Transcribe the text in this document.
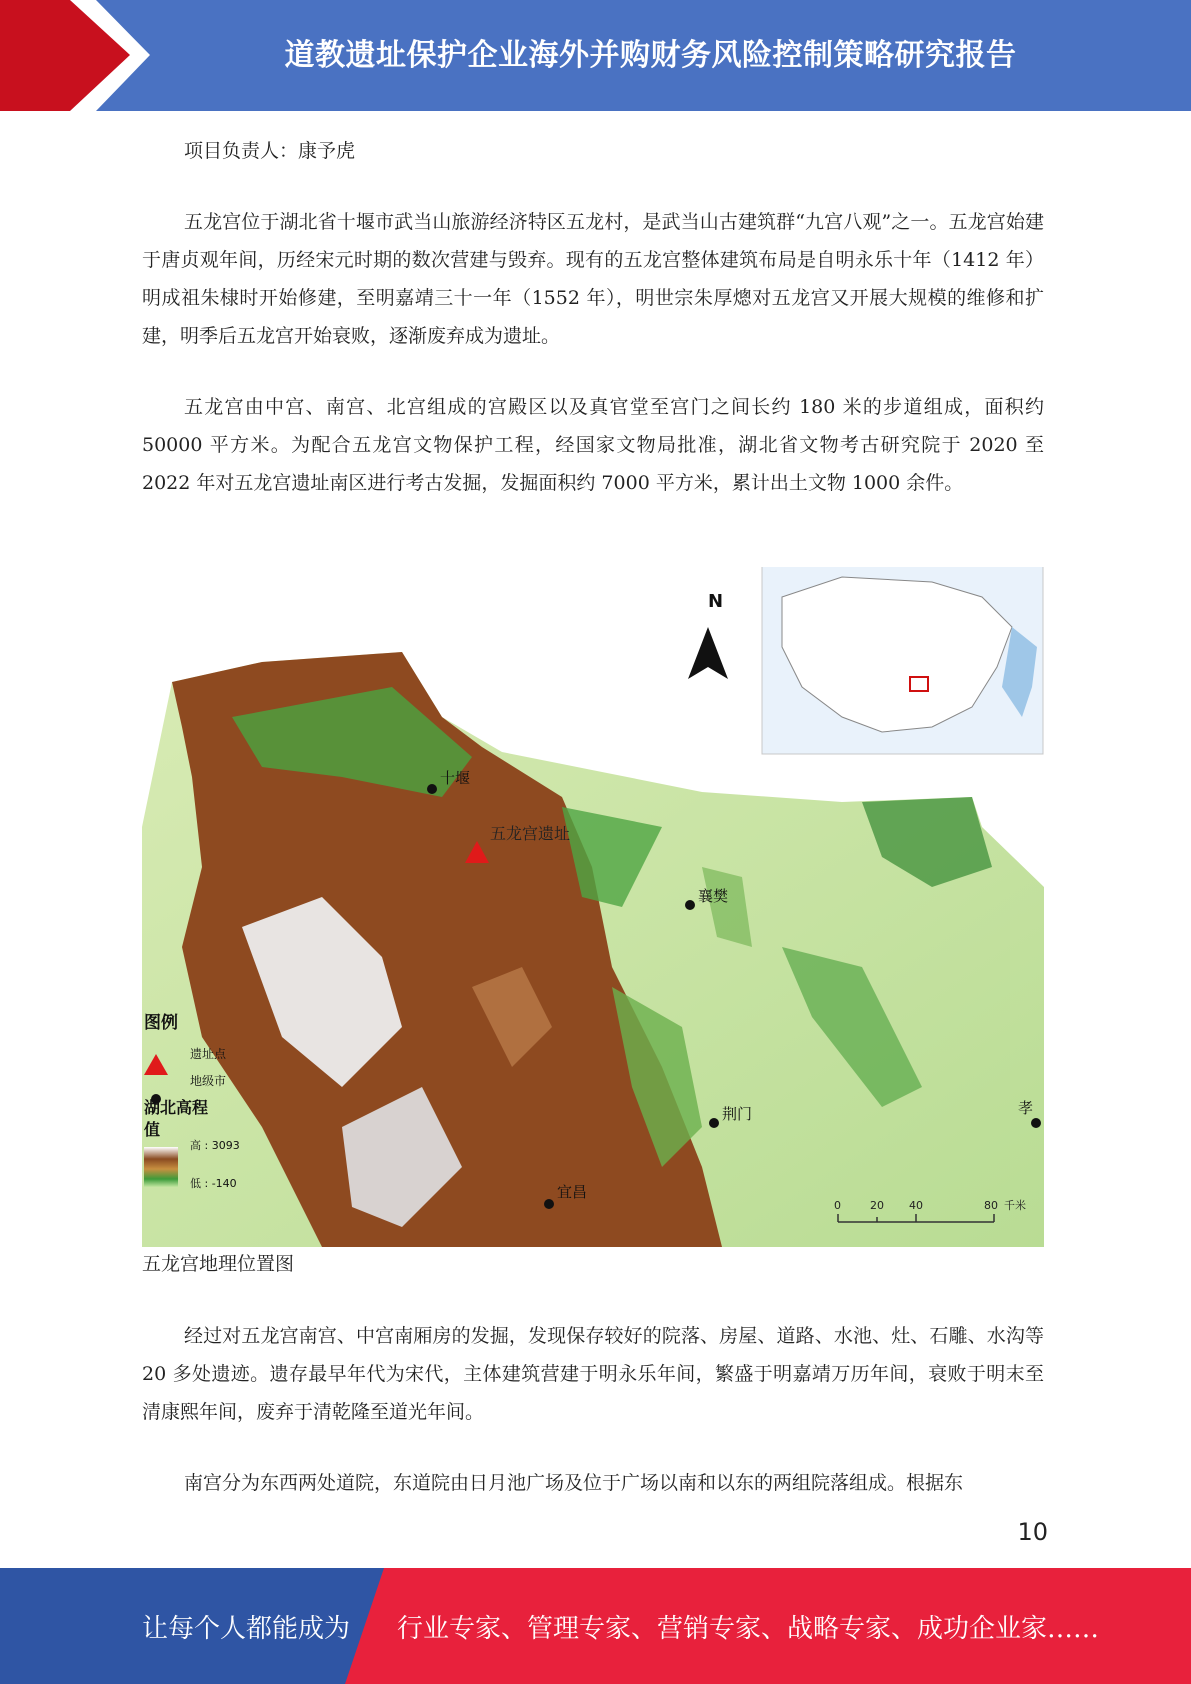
道教遗址保护企业海外并购财务风险控制策略研究报告

项目负责人：康予虎

五龙宫位于湖北省十堰市武当山旅游经济特区五龙村，是武当山古建筑群“九宫八观”之一。五龙宫始建于唐贞观年间，历经宋元时期的数次营建与毁弃。现有的五龙宫整体建筑布局是自明永乐十年（1412 年）明成祖朱棣时开始修建，至明嘉靖三十一年（1552 年），明世宗朱厚熜对五龙宫又开展大规模的维修和扩建，明季后五龙宫开始衰败，逐渐废弃成为遗址。

五龙宫由中宫、南宫、北宫组成的宫殿区以及真官堂至宫门之间长约 180 米的步道组成，面积约 50000 平方米。为配合五龙宫文物保护工程，经国家文物局批准，湖北省文物考古研究院于 2020 至 2022 年对五龙宫遗址南区进行考古发掘，发掘面积约 7000 平方米，累计出土文物 1000 余件。

N
十堰
五龙宫遗址
襄樊
荆门
宜昌
孝
图例
遗址点
地级市
湖北高程
值
高 : 3093
低 : -140
0	20 40	80 千米
五龙宫地理位置图

经过对五龙宫南宫、中宫南厢房的发掘，发现保存较好的院落、房屋、道路、水池、灶、石雕、水沟等 20 多处遗迹。遗存最早年代为宋代，主体建筑营建于明永乐年间，繁盛于明嘉靖万历年间，衰败于明末至清康熙年间，废弃于清乾隆至道光年间。

南宫分为东西两处道院，东道院由日月池广场及位于广场以南和以东的两组院落组成。根据东

10
让每个人都能成为 行业专家、管理专家、营销专家、战略专家、成功企业家……
